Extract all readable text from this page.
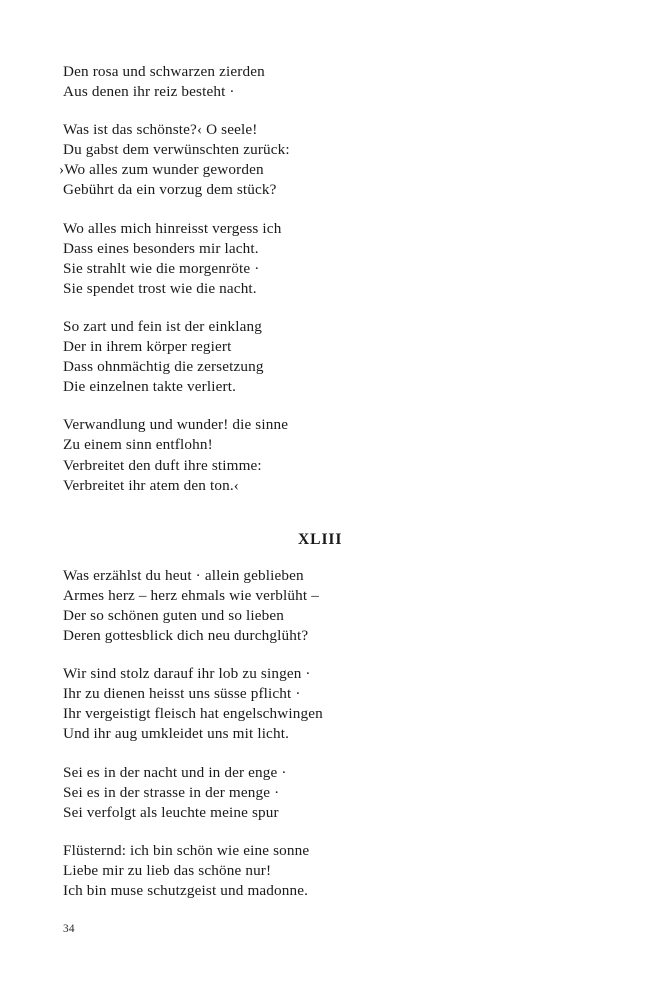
Den rosa und schwarzen zierden
Aus denen ihr reiz besteht ·
Was ist das schönste?‹ O seele!
Du gabst dem verwünschten zurück:
›Wo alles zum wunder geworden
Gebührt da ein vorzug dem stück?
Wo alles mich hinreisst vergess ich
Dass eines besonders mir lacht.
Sie strahlt wie die morgenröte ·
Sie spendet trost wie die nacht.
So zart und fein ist der einklang
Der in ihrem körper regiert
Dass ohnmächtig die zersetzung
Die einzelnen takte verliert.
Verwandlung und wunder! die sinne
Zu einem sinn entflohn!
Verbreitet den duft ihre stimme:
Verbreitet ihr atem den ton.‹
XLIII
Was erzählst du heut · allein geblieben
Armes herz – herz ehmals wie verblüht –
Der so schönen guten und so lieben
Deren gottesblick dich neu durchglüht?
Wir sind stolz darauf ihr lob zu singen ·
Ihr zu dienen heisst uns süsse pflicht ·
Ihr vergeistigt fleisch hat engelschwingen
Und ihr aug umkleidet uns mit licht.
Sei es in der nacht und in der enge ·
Sei es in der strasse in der menge ·
Sei verfolgt als leuchte meine spur
Flüsternd: ich bin schön wie eine sonne
Liebe mir zu lieb das schöne nur!
Ich bin muse schutzgeist und madonne.
34
